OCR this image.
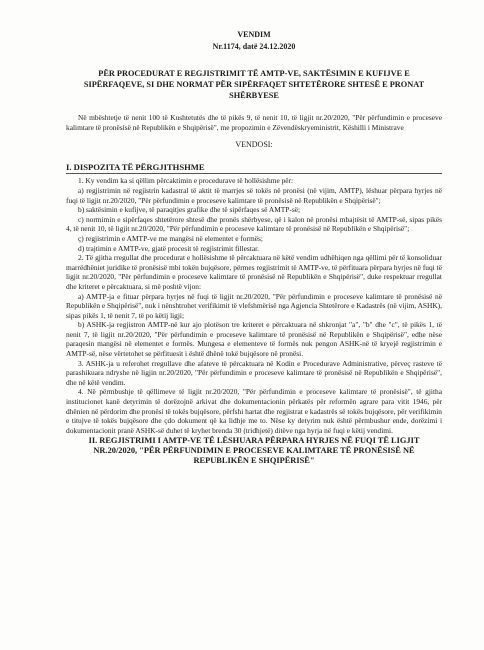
VENDIM
Nr.1174, datë 24.12.2020
PËR PROCEDURAT E REGJISTRIMIT TË AMTP-VE, SAKTËSIMIN E KUFIJVE E SIPËRFAQEVE, SI DHE NORMAT PËR SIPËRFAQET SHTETËRORE SHTESË E PRONAT SHËRBYESE
Në mbështetje të nenit 100 të Kushtetutës dhe të pikës 9, të nenit 10, të ligjit nr.20/2020, "Për përfundimin e proceseve kalimtare të pronësisë në Republikën e Shqipërisë", me propozimin e Zëvendëskryeministrit, Këshilli i Ministrave
VENDOSI:
I. DISPOZITA TË PËRGJITHSHME
1. Ky vendim ka si qëllim përcaktimin e procedurave të hollësishme për:
a) regjistrimin në regjistrin kadastral të aktit të marrjes së tokës në pronësi (në vijim, AMTP), lëshuar përpara hyrjes në fuqi të ligjit nr.20/2020, "Për përfundimin e proceseve kalimtare të pronësisë në Republikën e Shqipërisë";
b) saktësimin e kufijve, të paraqitjes grafike dhe të sipërfaqes së AMTP-së;
c) normimin e sipërfaqes shtetërore shtesë dhe pronës shërbyese, që i kalon në pronësi mbajtësit të AMTP-së, sipas pikës 4, të nenit 10, të ligjit nr.20/2020, "Për përfundimin e proceseve kalimtare të pronësisë në Republikën e Shqipërisë";
ç) regjistrimin e AMTP-ve me mangësi në elementet e formës;
d) trajtimin e AMTP-ve, gjatë procesit të regjistrimit fillestar.
2. Të gjitha rregullat dhe procedurat e hollësishme të përcaktuara në këtë vendim udhëhiqen nga qëllimi për të konsoliduar marrëdhëniet juridike të pronësisë mbi tokën bujqësore, përmes regjistrimit të AMTP-ve, të përfituara përpara hyrjes në fuqi të ligjit nr.20/2020, "Për përfundimin e proceseve kalimtare të pronësisë në Republikën e Shqipërisë", duke respektuar rregullat dhe kriteret e përcaktuara, si më poshtë vijon:
a) AMTP-ja e fituar përpara hyrjes në fuqi të ligjit nr.20/2020, "Për përfundimin e proceseve kalimtare të pronësisë në Republikën e Shqipërisë", nuk i nënshtrohet verifikimit të vlefshmërisë nga Agjencia Shtetërore e Kadastrës (në vijim, ASHK), sipas pikës 1, të nenit 7, të po këtij ligji;
b) ASHK-ja regjistron AMTP-në kur ajo plotëson tre kriteret e përcaktuara në shkronjat "a", "b" dhe "c", të pikës 1, të nenit 7, të ligjit nr.20/2020, "Për përfundimin e proceseve kalimtare të pronësisë në Republikën e Shqipërisë", edhe nëse paraqesin mangësi në elementet e formës. Mungesa e elementeve të formës nuk pengon ASHK-në të kryejë regjistrimin e AMTP-së, nëse vërtetohet se përfituesit i është dhënë tokë bujqësore në pronësi.
3. ASHK-ja u referohet rregullave dhe afateve të përcaktuara në Kodin e Procedurave Administrative, përveç rasteve të parashikuara ndryshe në ligjin nr.20/2020, "Për përfundimin e proceseve kalimtare të pronësisë në Republikën e Shqipërisë", dhe në këtë vendim.
4. Në përmbushje të qëllimeve të ligjit nr.20/2020, "Për përfundimin e proceseve kalimtare të pronësisë", të gjitha institucionet kanë detyrimin të dorëzojnë arkivat dhe dokumentacionin përkatës për reformën agrare para vitit 1946, për dhënien në përdorim dhe pronësi të tokës bujqësore, përfshi hartat dhe regjistrat e kadastrës së tokës bujqësore, për verifikimin e titujve të tokës bujqësore dhe çdo dokument që ka lidhje me to. Nëse ky detyrim nuk është përmbushur ende, dorëzimi i dokumentacionit pranë ASHK-së duhet të kryhet brenda 30 (tridhjetë) ditëve nga hyrja në fuqi e këtij vendimi.
II. REGJISTRIMI I AMTP-VE TË LËSHUARA PËRPARA HYRJES NË FUQI TË LIGJIT NR.20/2020, "PËR PËRFUNDIMIN E PROCESEVE KALIMTARE TË PRONËSISË NË REPUBLIKËN E SHQIPËRISË"
